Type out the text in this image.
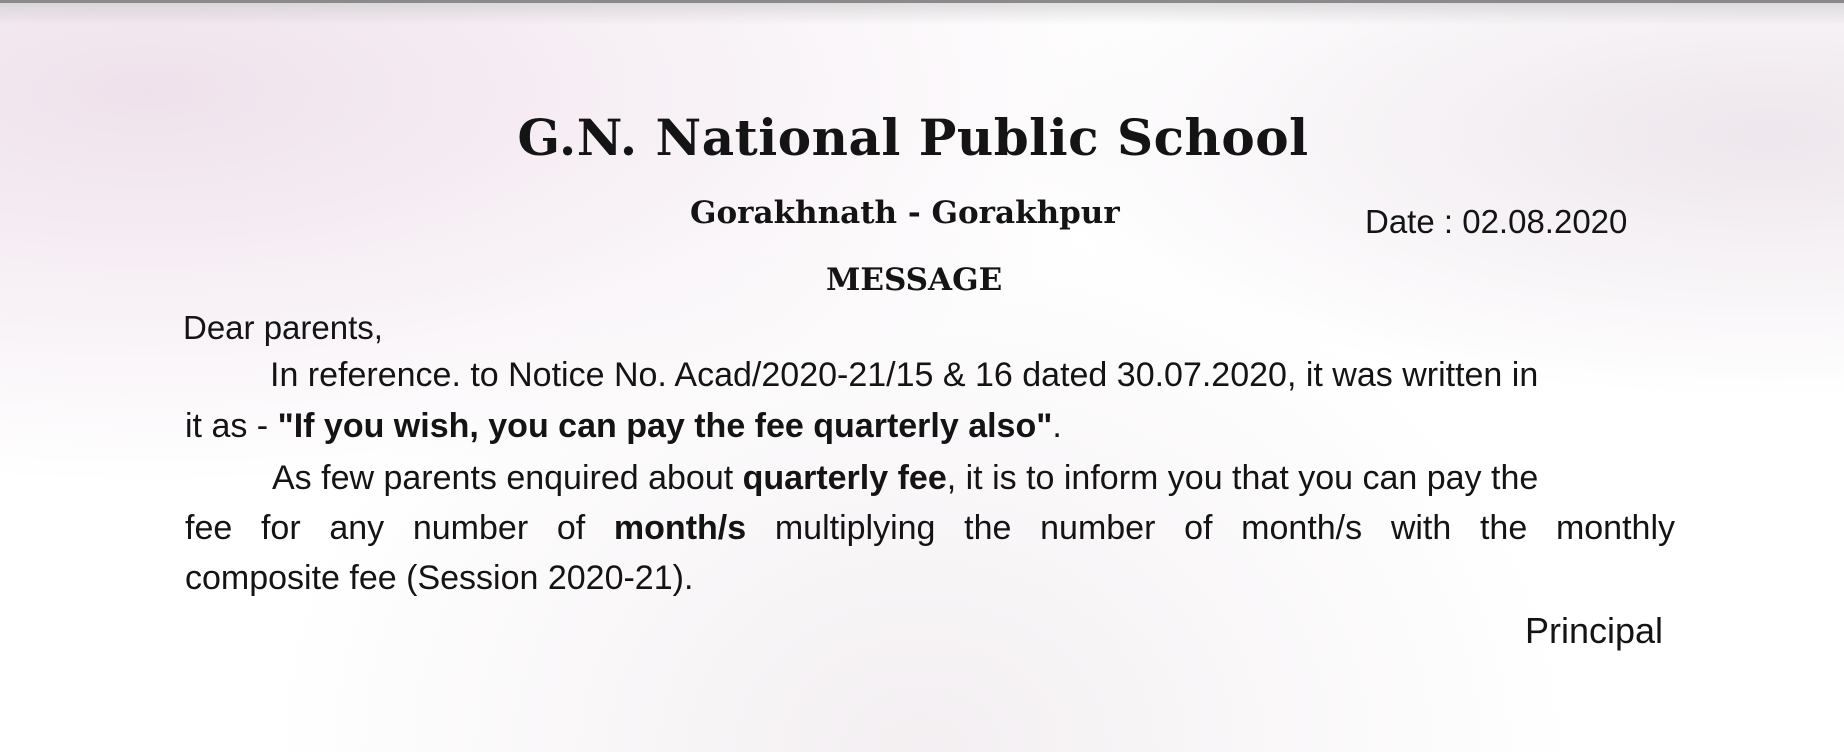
G.N. National Public School
Gorakhnath - Gorakhpur	Date : 02.08.2020
MESSAGE
Dear parents,
In reference. to Notice No. Acad/2020-21/15 & 16 dated 30.07.2020, it was written in
it as - "If you wish, you can pay the fee quarterly also".
As few parents enquired about quarterly fee, it is to inform you that you can pay the
fee for any number of month/s multiplying the number of month/s with the monthly
composite fee (Session 2020-21).
Principal
